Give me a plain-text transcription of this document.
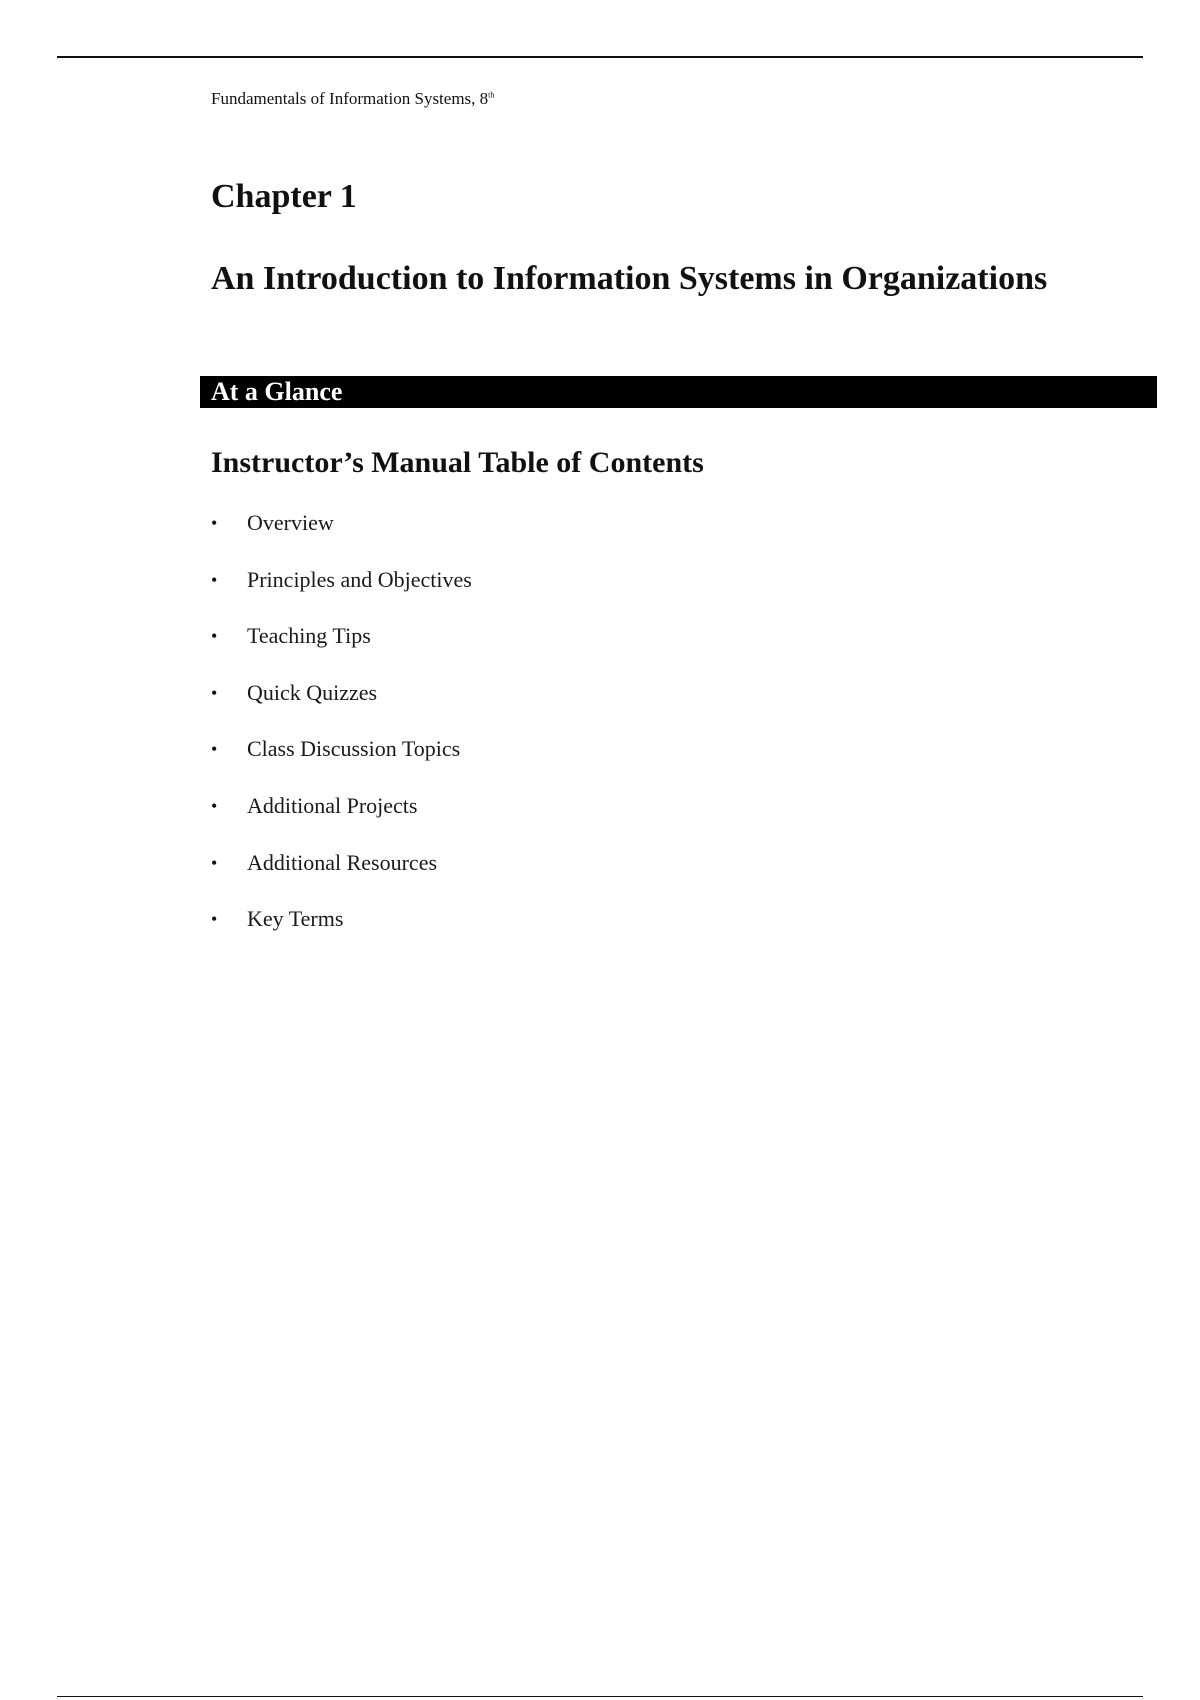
Fundamentals of Information Systems, 8th
Chapter 1
An Introduction to Information Systems in Organizations
At a Glance
Instructor’s Manual Table of Contents
• Overview
• Principles and Objectives
• Teaching Tips
• Quick Quizzes
• Class Discussion Topics
• Additional Projects
• Additional Resources
• Key Terms
